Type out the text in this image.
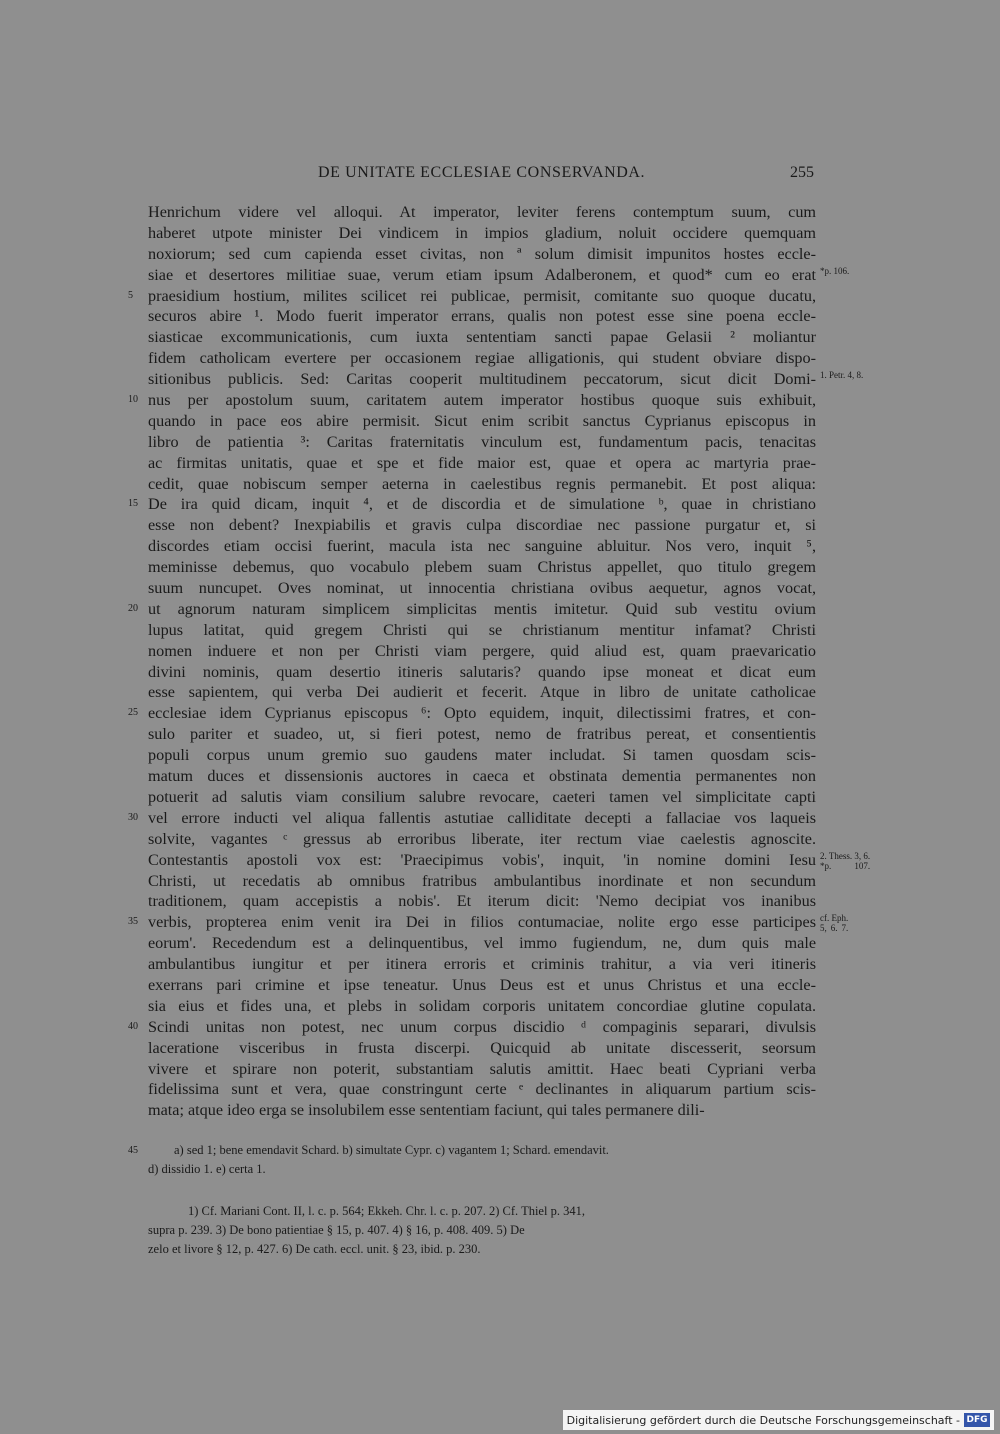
DE UNITATE ECCLESIAE CONSERVANDA.	255
Henrichum videre vel alloqui. At imperator, leviter ferens contemptum suum, cum
haberet utpote minister Dei vindicem in impios gladium, noluit occidere quemquam
noxiorum; sed cum capienda esset civitas, non ª solum dimisit impunitos hostes eccle-
siae et desertores militiae suae, verum etiam ipsum Adalberonem, et quod* cum eo erat *p. 106.
praesidium hostium, milites scilicet rei publicae, permisit, comitante suo quoque ducatu,
5
securos abire ¹. Modo fuerit imperator errans, qualis non potest esse sine poena eccle-
siasticae excommunicationis, cum iuxta sententiam sancti papae Gelasii ² moliantur
fidem catholicam evertere per occasionem regiae alligationis, qui student obviare dispo-
sitionibus publicis. Sed: Caritas cooperit multitudinem peccatorum, sicut dicit Domi- 1. Petr. 4, 8.
nus per apostolum suum, caritatem autem imperator hostibus quoque suis exhibuit,
10
quando in pace eos abire permisit. Sicut enim scribit sanctus Cyprianus episcopus in
libro de patientia ³: Caritas fraternitatis vinculum est, fundamentum pacis, tenacitas
ac firmitas unitatis, quae et spe et fide maior est, quae et opera ac martyria prae-
cedit, quae nobiscum semper aeterna in caelestibus regnis permanebit. Et post aliqua:
De ira quid dicam, inquit ⁴, et de discordia et de simulatione ᵇ, quae in christiano
15
esse non debent? Inexpiabilis et gravis culpa discordiae nec passione purgatur et, si
discordes etiam occisi fuerint, macula ista nec sanguine abluitur. Nos vero, inquit ⁵,
meminisse debemus, quo vocabulo plebem suam Christus appellet, quo titulo gregem
suum nuncupet. Oves nominat, ut innocentia christiana ovibus aequetur, agnos vocat,
ut agnorum naturam simplicem simplicitas mentis imitetur. Quid sub vestitu ovium
20
lupus latitat, quid gregem Christi qui se christianum mentitur infamat? Christi
nomen induere et non per Christi viam pergere, quid aliud est, quam praevaricatio
divini nominis, quam desertio itineris salutaris? quando ipse moneat et dicat eum
esse sapientem, qui verba Dei audierit et fecerit. Atque in libro de unitate catholicae
ecclesiae idem Cyprianus episcopus ⁶: Opto equidem, inquit, dilectissimi fratres, et con-
25
sulo pariter et suadeo, ut, si fieri potest, nemo de fratribus pereat, et consentientis
populi corpus unum gremio suo gaudens mater includat. Si tamen quosdam scis-
matum duces et dissensionis auctores in caeca et obstinata dementia permanentes non
potuerit ad salutis viam consilium salubre revocare, caeteri tamen vel simplicitate capti
vel errore inducti vel aliqua fallentis astutiae calliditate decepti a fallaciae vos laqueis
30
solvite, vagantes ᶜ gressus ab erroribus liberate, iter rectum viae caelestis agnoscite.
Contestantis apostoli vox est: 'Praecipimus vobis', inquit, 'in nomine domini Iesu 2. Thess. 3, 6.
*p. 107.
Christi, ut recedatis ab omnibus fratribus ambulantibus inordinate et non secundum
traditionem, quam accepistis a nobis'. Et iterum dicit: 'Nemo decipiat vos inanibus
verbis, propterea enim venit ira Dei in filios contumaciae, nolite ergo esse participes
35	cf. Eph.
5, 6. 7.
eorum'. Recedendum est a delinquentibus, vel immo fugiendum, ne, dum quis male
ambulantibus iungitur et per itinera erroris et criminis trahitur, a via veri itineris
exerrans pari crimine et ipse teneatur. Unus Deus est et unus Christus et una eccle-
sia eius et fides una, et plebs in solidam corporis unitatem concordiae glutine copulata.
Scindi unitas non potest, nec unum corpus discidio ᵈ compaginis separari, divulsis
40
laceratione visceribus in frusta discerpi. Quicquid ab unitate discesserit, seorsum
vivere et spirare non poterit, substantiam salutis amittit. Haec beati Cypriani verba
fidelissima sunt et vera, quae constringunt certe ᵉ declinantes in aliquarum partium scis-
mata; atque ideo erga se insolubilem esse sententiam faciunt, qui tales permanere dili-
45	a) sed 1; bene emendavit Schard. b) simultate Cypr. c) vagantem 1; Schard. emendavit.
d) dissidio 1. e) certa 1.
1) Cf. Mariani Cont. II, l. c. p. 564; Ekkeh. Chr. l. c. p. 207. 2) Cf. Thiel p. 341,
supra p. 239. 3) De bono patientiae § 15, p. 407. 4) § 16, p. 408. 409. 5) De
zelo et livore § 12, p. 427. 6) De cath. eccl. unit. § 23, ibid. p. 230.
Digitalisierung gefördert durch die Deutsche Forschungsgemeinschaft - DFG
